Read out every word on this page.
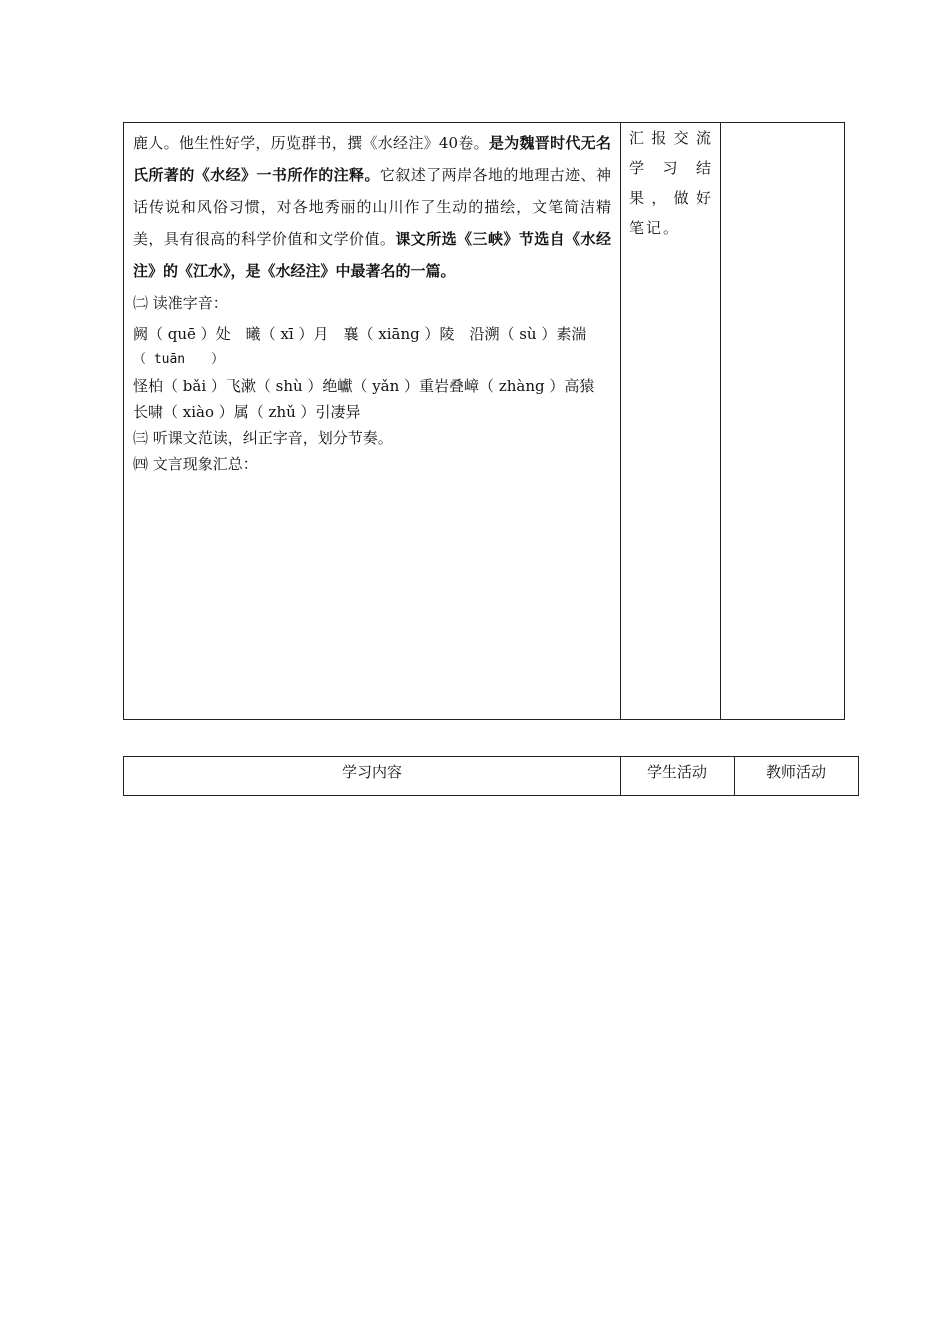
鹿人。他生性好学，历览群书，撰《水经注》40卷。是为魏晋时代无名氏所著的《水经》一书所作的注释。它叙述了两岸各地的地理古迹、神话传说和风俗习惯，对各地秀丽的山川作了生动的描绘，文笔简洁精美，具有很高的科学价值和文学价值。课文所选《三峡》节选自《水经注》的《江水》，是《水经注》中最著名的一篇。

㈡ 读准字音：

阙（ quē ）处　曦（ xī ）月　襄（ xiāng ）陵　沿溯（ sù ）素湍

（ tuān　　）

怪柏（ bǎi ）飞漱（ shù ）绝巘（ yǎn ）重岩叠嶂（ zhàng ）高猿

长啸（ xiào ）属（ zhǔ ）引凄异

㈢ 听课文范读，纠正字音，划分节奏。

㈣ 文言现象汇总：

汇报交流学习结果，做好笔记。
学习内容	学生活动	教师活动
